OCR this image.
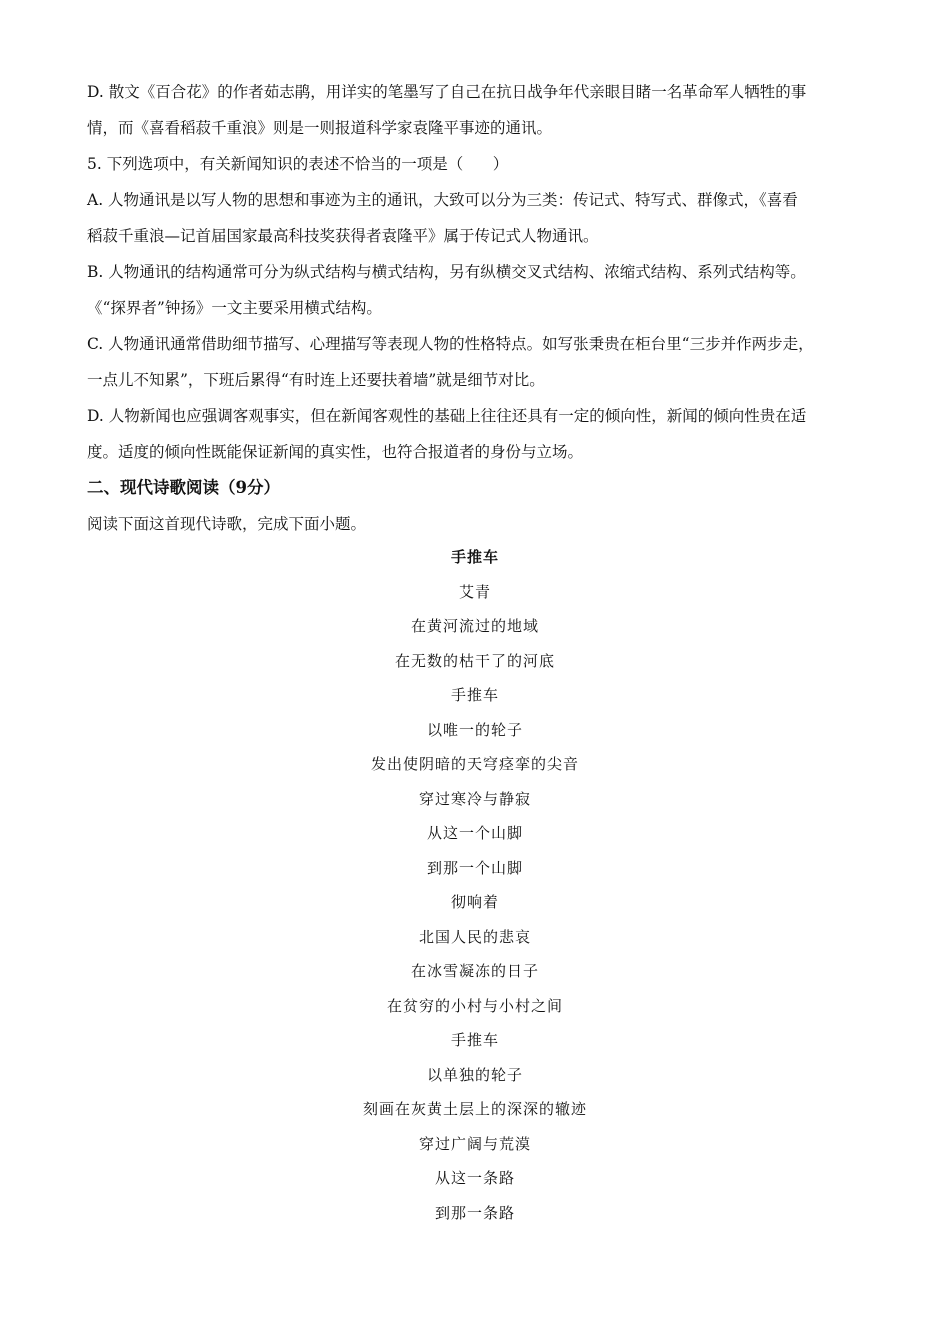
D. 散文《百合花》的作者茹志鹃，用详实的笔墨写了自己在抗日战争年代亲眼目睹一名革命军人牺牲的事

情，而《喜看稻菽千重浪》则是一则报道科学家袁隆平事迹的通讯。

5. 下列选项中，有关新闻知识的表述不恰当的一项是（      ）

A. 人物通讯是以写人物的思想和事迹为主的通讯，大致可以分为三类：传记式、特写式、群像式，《喜看

稻菽千重浪—记首届国家最高科技奖获得者袁隆平》属于传记式人物通讯。

B. 人物通讯的结构通常可分为纵式结构与横式结构，另有纵横交叉式结构、浓缩式结构、系列式结构等。

《“探界者”钟扬》一文主要采用横式结构。

C. 人物通讯通常借助细节描写、心理描写等表现人物的性格特点。如写张秉贵在柜台里“三步并作两步走，

一点儿不知累”，下班后累得“有时连上还要扶着墙”就是细节对比。

D. 人物新闻也应强调客观事实，但在新闻客观性的基础上往往还具有一定的倾向性，新闻的倾向性贵在适

度。适度的倾向性既能保证新闻的真实性，也符合报道者的身份与立场。

二、现代诗歌阅读（9分）

阅读下面这首现代诗歌，完成下面小题。

手推车

艾青

在黄河流过的地域

在无数的枯干了的河底

手推车

以唯一的轮子

发出使阴暗的天穹痉挛的尖音

穿过寒冷与静寂

从这一个山脚

到那一个山脚

彻响着

北国人民的悲哀

在冰雪凝冻的日子

在贫穷的小村与小村之间

手推车

以单独的轮子

刻画在灰黄土层上的深深的辙迹

穿过广阔与荒漠

从这一条路

到那一条路
